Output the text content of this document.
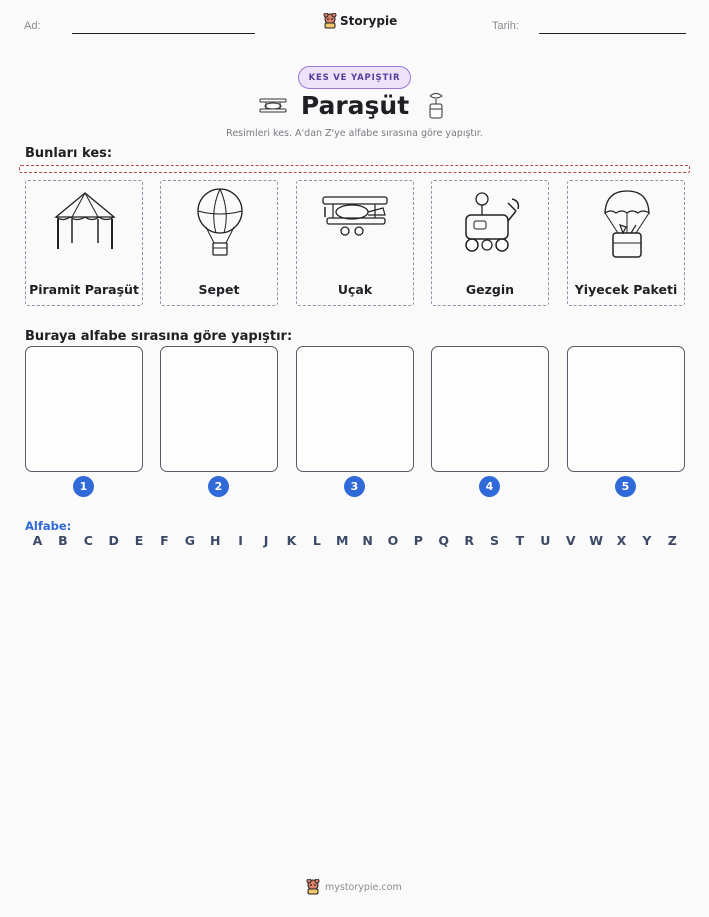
Ad:	Storypie	Tarih:
KES VE YAPIŞTIR
Paraşüt
Resimleri kes. A'dan Z'ye alfabe sırasına göre yapıştır.
Bunları kes:
Piramit Paraşüt	Sepet	Uçak	Gezgin	Yiyecek Paketi
Buraya alfabe sırasına göre yapıştır:
1	2	3	4	5
Alfabe:
A	B	C	D	E	F	G	H	I	J	K	L	M	N	O	P	Q	R	S	T	U	V	W	X	Y	Z
mystorypie.com
